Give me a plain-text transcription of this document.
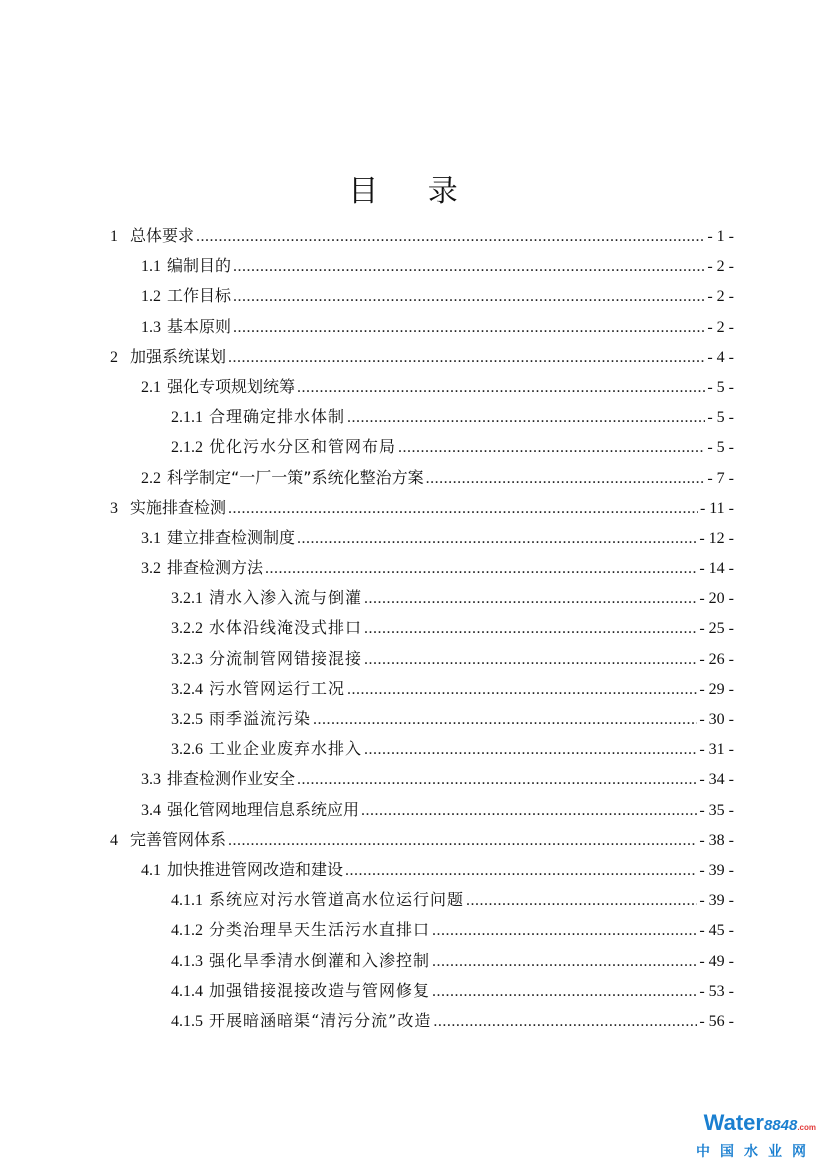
目 录
1 总体要求 .....	- 1 -
1.1 编制目的 .....	- 2 -
1.2 工作目标 .....	- 2 -
1.3 基本原则 .....	- 2 -
2 加强系统谋划 .....	- 4 -
2.1 强化专项规划统筹 .....	- 5 -
2.1.1 合理确定排水体制 .....	- 5 -
2.1.2 优化污水分区和管网布局 .....	- 5 -
2.2 科学制定“一厂一策”系统化整治方案 .....	- 7 -
3 实施排查检测 .....	- 11 -
3.1 建立排查检测制度 .....	- 12 -
3.2 排查检测方法 .....	- 14 -
3.2.1 清水入渗入流与倒灌 .....	- 20 -
3.2.2 水体沿线淹没式排口 .....	- 25 -
3.2.3 分流制管网错接混接 .....	- 26 -
3.2.4 污水管网运行工况 .....	- 29 -
3.2.5 雨季溢流污染 .....	- 30 -
3.2.6 工业企业废弃水排入 .....	- 31 -
3.3 排查检测作业安全 .....	- 34 -
3.4 强化管网地理信息系统应用 .....	- 35 -
4 完善管网体系 .....	- 38 -
4.1 加快推进管网改造和建设 .....	- 39 -
4.1.1 系统应对污水管道高水位运行问题 .....	- 39 -
4.1.2 分类治理旱天生活污水直排口 .....	- 45 -
4.1.3 强化旱季清水倒灌和入渗控制 .....	- 49 -
4.1.4 加强错接混接改造与管网修复 .....	- 53 -
4.1.5 开展暗涵暗渠“清污分流”改造 .....	- 56 -
Water8848.com
中国水业网
